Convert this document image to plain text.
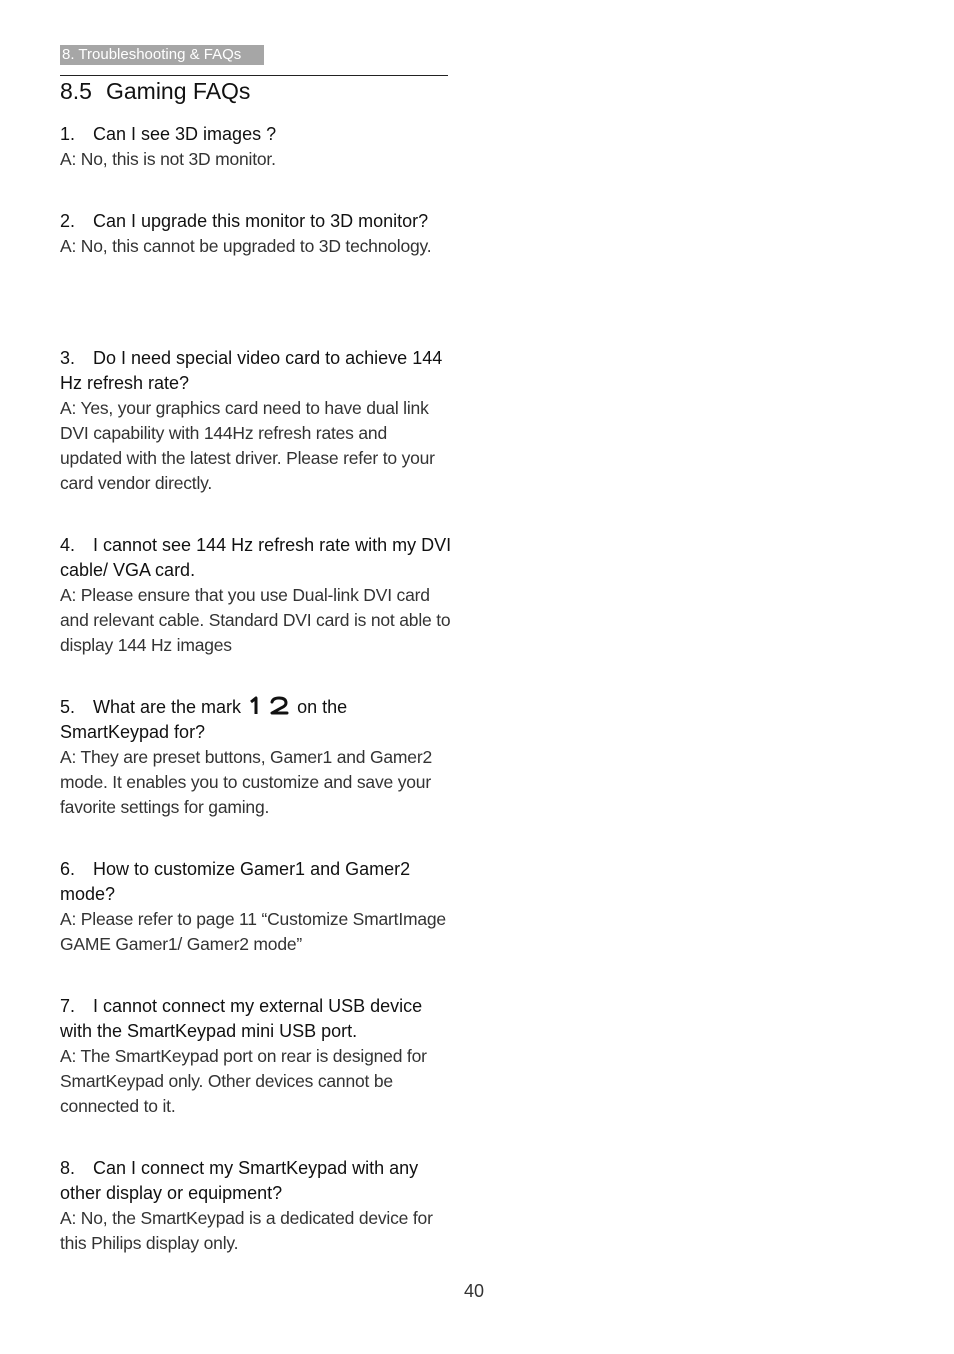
8. Troubleshooting & FAQs
8.5 Gaming FAQs
1. Can I see 3D images ?
A: No, this is not 3D monitor.
2. Can I upgrade this monitor to 3D monitor?
A: No, this cannot be upgraded to 3D technology.
3. Do I need special video card to achieve 144 Hz refresh rate?
A: Yes, your graphics card need to have dual link DVI capability with 144Hz refresh rates and updated with the latest driver. Please refer to your card vendor directly.
4. I cannot see 144 Hz refresh rate with my DVI cable/ VGA card.
A: Please ensure that you use Dual-link DVI card and relevant cable. Standard DVI card is not able to display 144 Hz images
5. What are the mark	on the SmartKeypad for?
A: They are preset buttons, Gamer1 and Gamer2 mode. It enables you to customize and save your favorite settings for gaming.
6. How to customize Gamer1 and Gamer2 mode?
A: Please refer to page 11 “Customize SmartImage GAME Gamer1/ Gamer2 mode”
7. I cannot connect my external USB device with the SmartKeypad mini USB port.
A: The SmartKeypad port on rear is designed for SmartKeypad only. Other devices cannot be connected to it.
8. Can I connect my SmartKeypad with any other display or equipment?
A: No, the SmartKeypad is a dedicated device for this Philips display only.
40
